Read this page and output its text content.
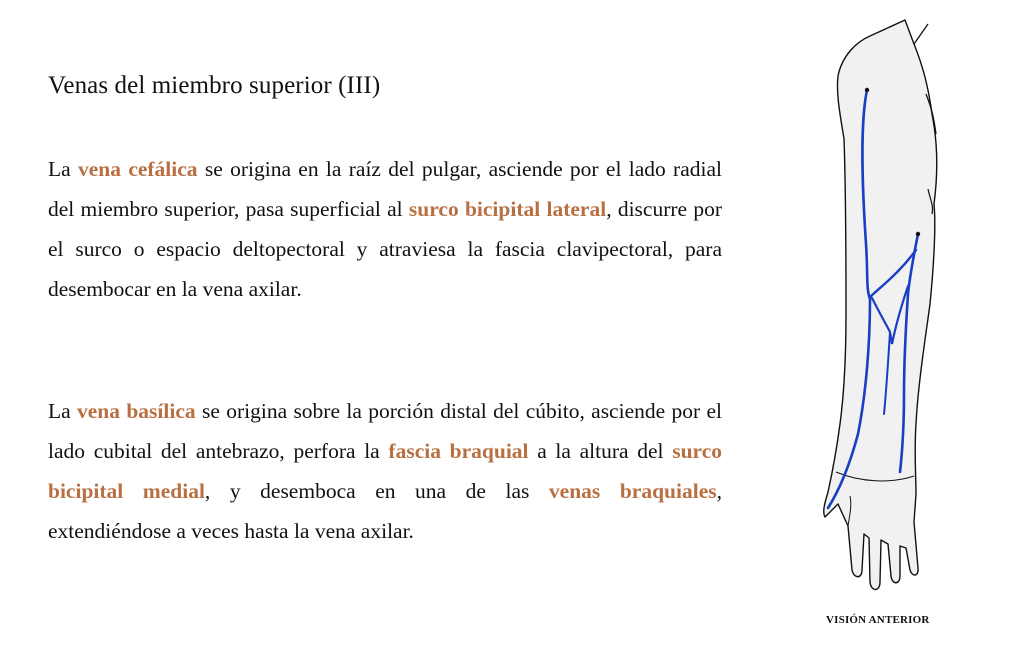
Venas del miembro superior (III)

La vena cefálica se origina en la raíz del pulgar, asciende por el lado radial del miembro superior, pasa superficial al surco bicipital lateral, discurre por el surco o espacio deltopectoral y atraviesa la fascia clavipectoral, para desembocar en la vena axilar.

La vena basílica se origina sobre la porción distal del cúbito, asciende por el lado cubital del antebrazo, perfora la fascia braquial a la altura del surco bicipital medial, y desemboca en una de las venas braquiales, extendiéndose a veces hasta la vena axilar.

VISIÓN ANTERIOR
